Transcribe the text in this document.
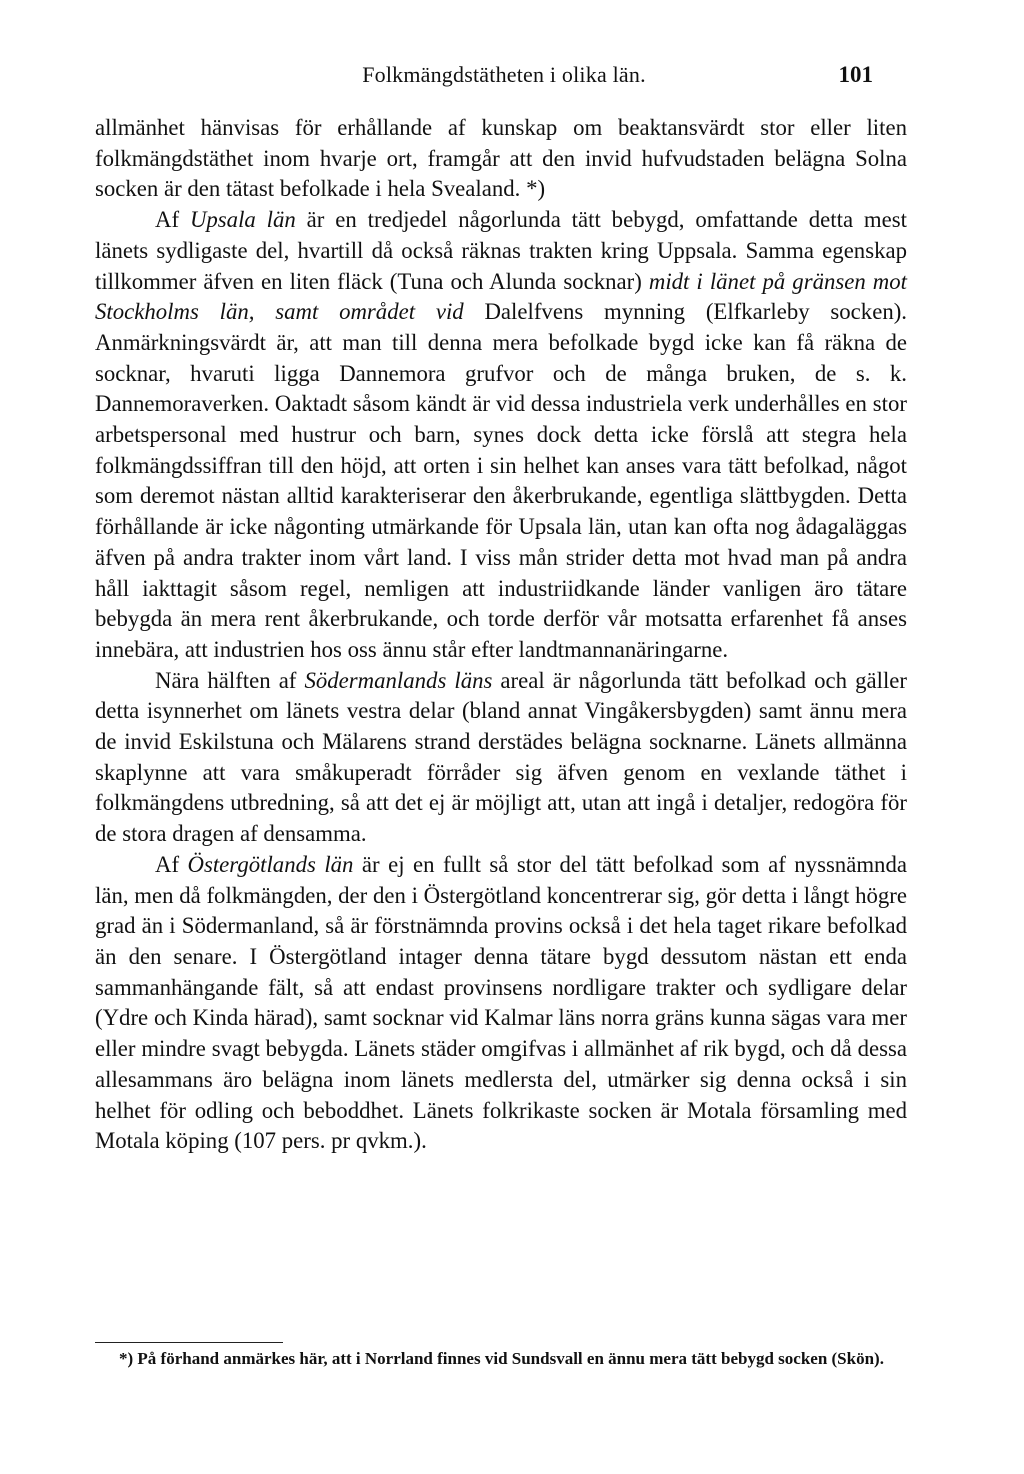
Folkmängdstätheten i olika län.	101

allmänhet hänvisas för erhållande af kunskap om beaktansvärdt stor eller liten folkmängdstäthet inom hvarje ort, framgår att den invid hufvudstaden belägna Solna socken är den tätast befolkade i hela Svealand. *)

Af Upsala län är en tredjedel någorlunda tätt bebygd, omfattande detta mest länets sydligaste del, hvartill då också räknas trakten kring Uppsala. Samma egenskap tillkommer äfven en liten fläck (Tuna och Alunda socknar) midt i länet på gränsen mot Stockholms län, samt området vid Dalelfvens mynning (Elfkarleby socken). Anmärkningsvärdt är, att man till denna mera befolkade bygd icke kan få räkna de socknar, hvaruti ligga Dannemora grufvor och de många bruken, de s. k. Dannemoraverken. Oaktadt såsom kändt är vid dessa industriela verk underhålles en stor arbetspersonal med hustrur och barn, synes dock detta icke förslå att stegra hela folkmängdssiffran till den höjd, att orten i sin helhet kan anses vara tätt befolkad, något som deremot nästan alltid karakteriserar den åkerbrukande, egentliga slättbygden. Detta förhållande är icke någonting utmärkande för Upsala län, utan kan ofta nog ådagaläggas äfven på andra trakter inom vårt land. I viss mån strider detta mot hvad man på andra håll iakttagit såsom regel, nemligen att industriidkande länder vanligen äro tätare bebygda än mera rent åkerbrukande, och torde derför vår motsatta erfarenhet få anses innebära, att industrien hos oss ännu står efter landtmannanäringarne.

Nära hälften af Södermanlands läns areal är någorlunda tätt befolkad och gäller detta isynnerhet om länets vestra delar (bland annat Vingåkersbygden) samt ännu mera de invid Eskilstuna och Mälarens strand derstädes belägna socknarne. Länets allmänna skaplynne att vara småkuperadt förråder sig äfven genom en vexlande täthet i folkmängdens utbredning, så att det ej är möjligt att, utan att ingå i detaljer, redogöra för de stora dragen af densamma.

Af Östergötlands län är ej en fullt så stor del tätt befolkad som af nyssnämnda län, men då folkmängden, der den i Östergötland koncentrerar sig, gör detta i långt högre grad än i Södermanland, så är förstnämnda provins också i det hela taget rikare befolkad än den senare. I Östergötland intager denna tätare bygd dessutom nästan ett enda sammanhängande fält, så att endast provinsens nordligare trakter och sydligare delar (Ydre och Kinda härad), samt socknar vid Kalmar läns norra gräns kunna sägas vara mer eller mindre svagt bebygda. Länets städer omgifvas i allmänhet af rik bygd, och då dessa allesammans äro belägna inom länets medlersta del, utmärker sig denna också i sin helhet för odling och beboddhet. Länets folkrikaste socken är Motala församling med Motala köping (107 pers. pr qvkm.).

*) På förhand anmärkes här, att i Norrland finnes vid Sundsvall en ännu mera tätt bebygd socken (Skön).
